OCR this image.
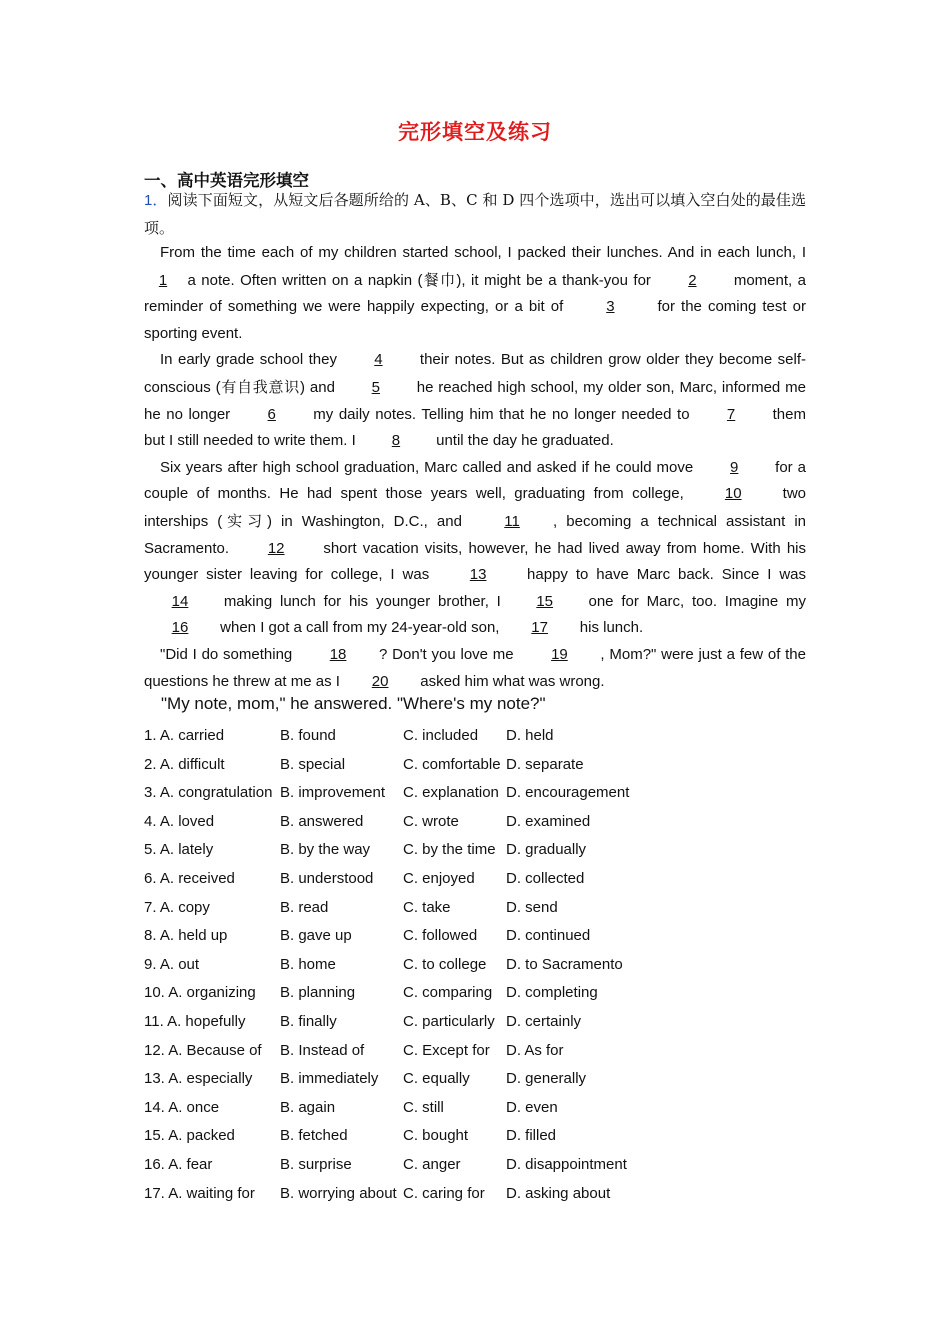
完形填空及练习
一、高中英语完形填空
1．阅读下面短文，从短文后各题所给的 A、B、C 和 D 四个选项中，选出可以填入空白处的最佳选项。

From the time each of my children started school, I packed their lunches. And in each lunch, I 1 a note. Often written on a napkin (餐巾), it might be a thank-you for 2 moment, a reminder of something we were happily expecting, or a bit of 3 for the coming test or sporting event.

In early grade school they 4 their notes. But as children grow older they become self-conscious (有自我意识) and 5 he reached high school, my older son, Marc, informed me he no longer 6 my daily notes. Telling him that he no longer needed to 7 them but I still needed to write them. I 8 until the day he graduated.

Six years after high school graduation, Marc called and asked if he could move 9 for a couple of months. He had spent those years well, graduating from college, 10 two interships (实习) in Washington, D.C., and 11 , becoming a technical assistant in Sacramento. 12 short vacation visits, however, he had lived away from home. With his younger sister leaving for college, I was 13 happy to have Marc back. Since I was 14 making lunch for his younger brother, I 15 one for Marc, too. Imagine my 16 when I got a call from my 24-year-old son, 17 his lunch.

"Did I do something 18 ? Don't you love me 19 , Mom?" were just a few of the questions he threw at me as I 20 asked him what was wrong.

"My note, mom," he answered. "Where's my note?"
1. A. carried	B. found	C. included D. held
2. A. difficult	B. special	C. comfortable D. separate
3. A. congratulation B. improvement C. explanation D. encouragement
4. A. loved	B. answered	C. wrote	D. examined
5. A. lately	B. by the way C. by the time D. gradually
6. A. received	B. understood C. enjoyed D. collected
7. A. copy	B. read	C. take	D. send
8. A. held up	B. gave up	C. followed D. continued
9. A. out	B. home	C. to college D. to Sacramento
10. A. organizing B. planning	C. comparing D. completing
11. A. hopefully B. finally	C. particularly D. certainly
12. A. Because of B. Instead of	C. Except for D. As for
13. A. especially B. immediately C. equally D. generally
14. A. once	B. again	C. still	D. even
15. A. packed	B. fetched	C. bought	D. filled
16. A. fear	B. surprise	C. anger	D. disappointment
17. A. waiting for B. worrying about C. caring for D. asking about
